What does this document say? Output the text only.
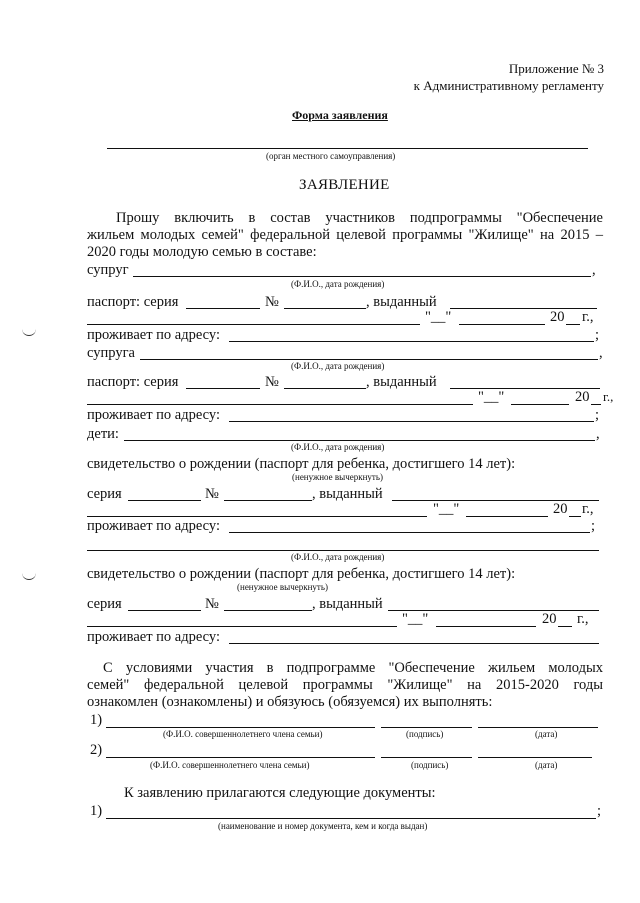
Приложение № 3
к Административному регламенту
Форма заявления
(орган местного самоуправления)
ЗАЯВЛЕНИЕ
Прошу включить в состав участников подпрограммы "Обеспечение
жильем молодых семей" федеральной целевой программы "Жилище" на 2015 –
2020 годы молодую семью в составе:
супруг	,
(Ф.И.О., дата рождения)
паспорт: серия	№	, выданный
"__"	20 г.,
проживает по адресу:	;
супруга	,
(Ф.И.О., дата рождения)
паспорт: серия	№	, выданный
"__"	20 г.,
проживает по адресу:	;
дети:	,
(Ф.И.О., дата рождения)
свидетельство о рождении (паспорт для ребенка, достигшего 14 лет):
(ненужное вычеркнуть)
серия	№	, выданный
"__"	20 г.,
проживает по адресу:	;
(Ф.И.О., дата рождения)
свидетельство о рождении (паспорт для ребенка, достигшего 14 лет):
(ненужное вычеркнуть)
серия	№	, выданный
"__"	20 г.,
проживает по адресу:
С условиями участия в подпрограмме "Обеспечение жильем молодых
семей" федеральной целевой программы "Жилище" на 2015-2020 годы
ознакомлен (ознакомлены) и обязуюсь (обязуемся) их выполнять:
1)
(Ф.И.О. совершеннолетнего члена семьи)	(подпись)	(дата)
2)
(Ф.И.О. совершеннолетнего члена семьи)	(подпись)	(дата)
К заявлению прилагаются следующие документы:
1)	;
(наименование и номер документа, кем и когда выдан)
